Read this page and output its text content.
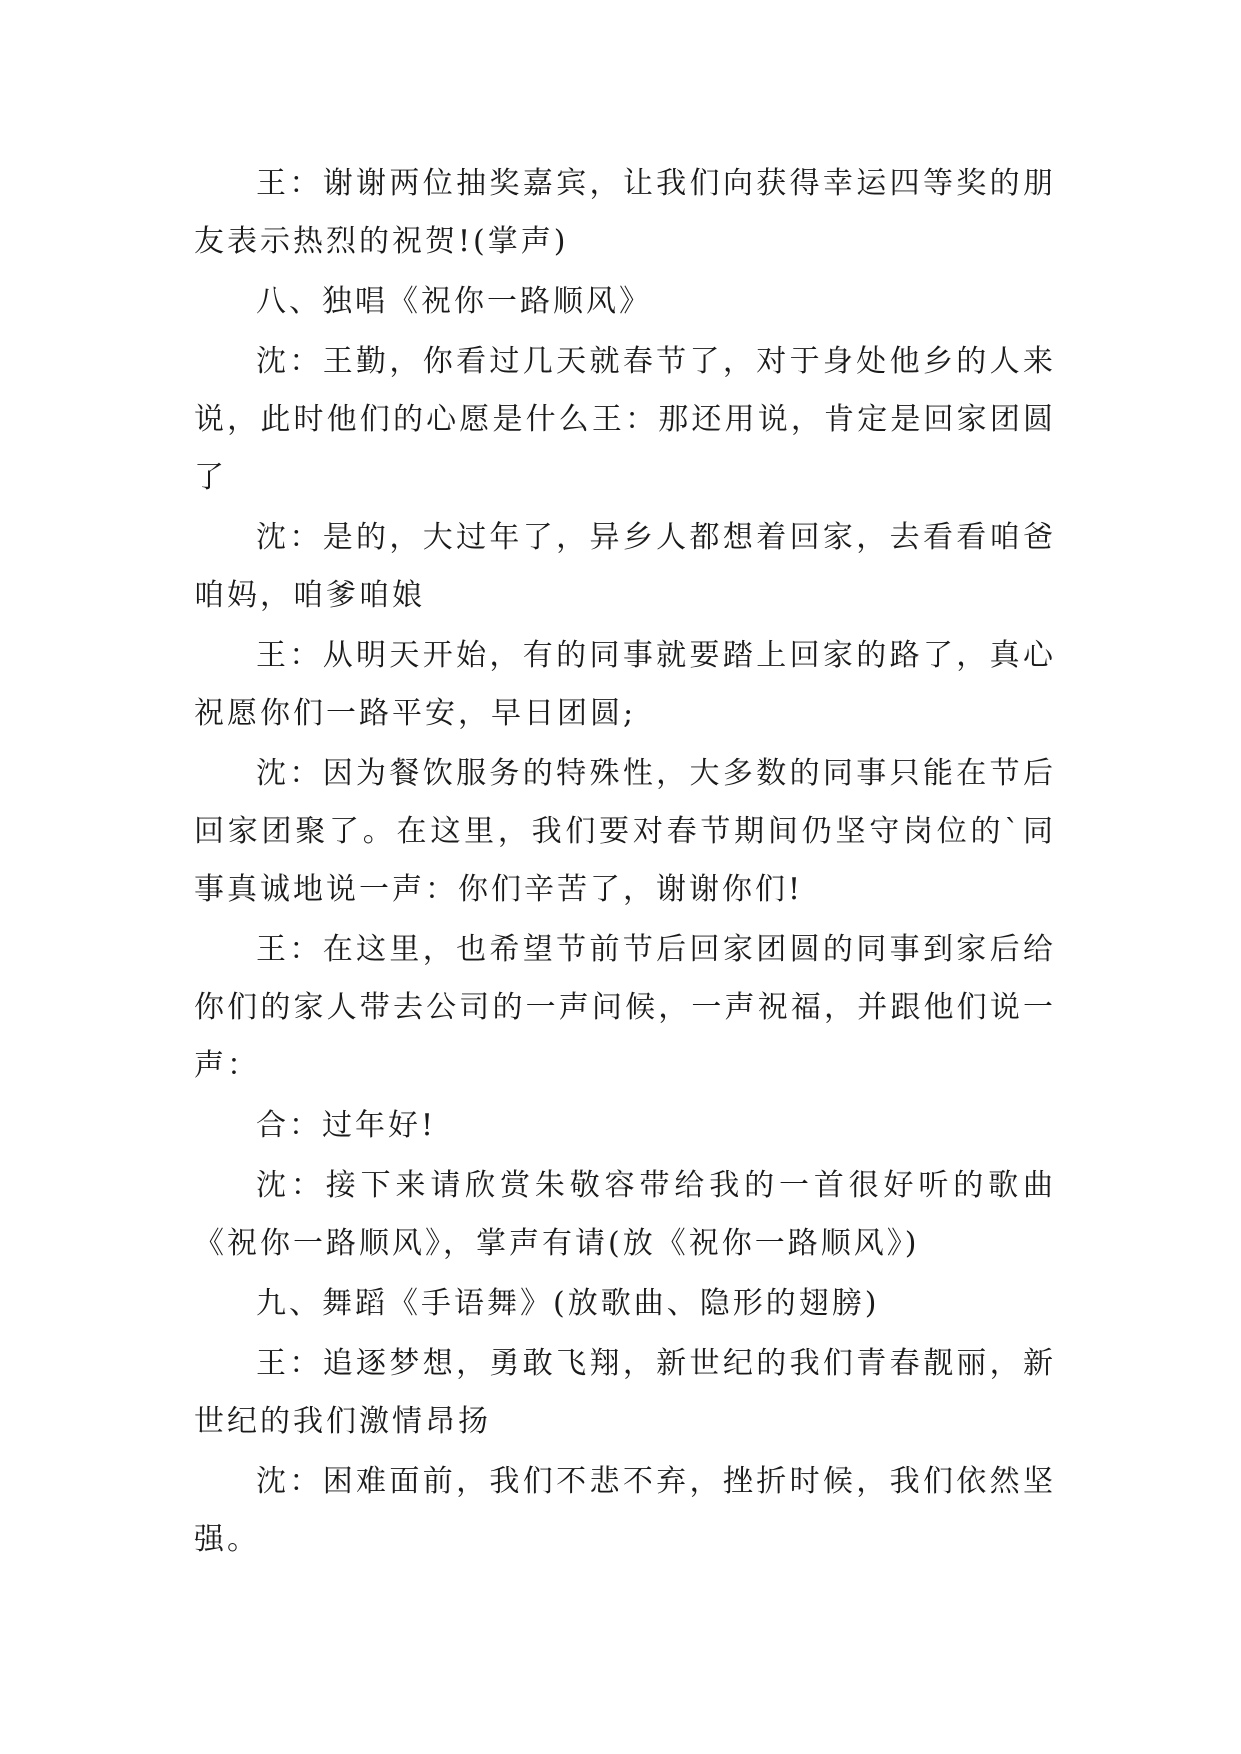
王：谢谢两位抽奖嘉宾，让我们向获得幸运四等奖的朋友表示热烈的祝贺!(掌声)

八、独唱《祝你一路顺风》

沈：王勤，你看过几天就春节了，对于身处他乡的人来说，此时他们的心愿是什么王：那还用说，肯定是回家团圆了

沈：是的，大过年了，异乡人都想着回家，去看看咱爸咱妈，咱爹咱娘

王：从明天开始，有的同事就要踏上回家的路了，真心祝愿你们一路平安，早日团圆;

沈：因为餐饮服务的特殊性，大多数的同事只能在节后回家团聚了。在这里，我们要对春节期间仍坚守岗位的`同事真诚地说一声：你们辛苦了，谢谢你们!

王：在这里，也希望节前节后回家团圆的同事到家后给你们的家人带去公司的一声问候，一声祝福，并跟他们说一声：

合：过年好!

沈：接下来请欣赏朱敬容带给我的一首很好听的歌曲《祝你一路顺风》，掌声有请(放《祝你一路顺风》)

九、舞蹈《手语舞》(放歌曲、隐形的翅膀)

王：追逐梦想，勇敢飞翔，新世纪的我们青春靓丽，新世纪的我们激情昂扬

沈：困难面前，我们不悲不弃，挫折时候，我们依然坚强。
